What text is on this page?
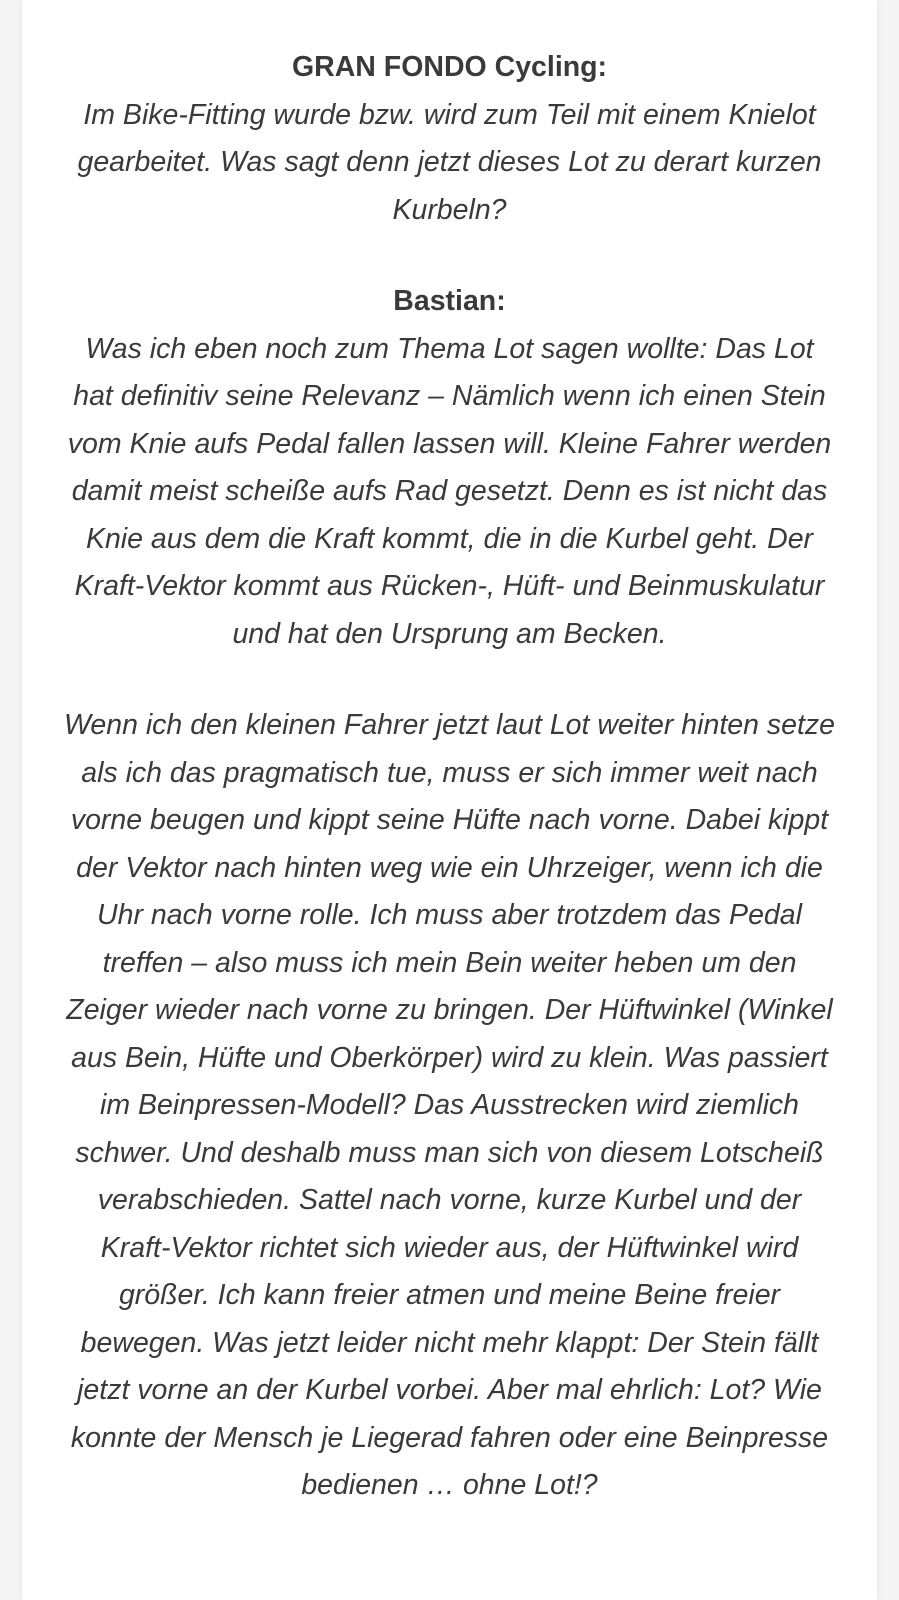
GRAN FONDO Cycling:

Im Bike-Fitting wurde bzw. wird zum Teil mit einem Knielot gearbeitet. Was sagt denn jetzt dieses Lot zu derart kurzen Kurbeln?

Bastian:

Was ich eben noch zum Thema Lot sagen wollte: Das Lot hat definitiv seine Relevanz – Nämlich wenn ich einen Stein vom Knie aufs Pedal fallen lassen will. Kleine Fahrer werden damit meist scheiße aufs Rad gesetzt. Denn es ist nicht das Knie aus dem die Kraft kommt, die in die Kurbel geht. Der Kraft-Vektor kommt aus Rücken-, Hüft- und Beinmuskulatur und hat den Ursprung am Becken.

Wenn ich den kleinen Fahrer jetzt laut Lot weiter hinten setze als ich das pragmatisch tue, muss er sich immer weit nach vorne beugen und kippt seine Hüfte nach vorne. Dabei kippt der Vektor nach hinten weg wie ein Uhrzeiger, wenn ich die Uhr nach vorne rolle. Ich muss aber trotzdem das Pedal treffen – also muss ich mein Bein weiter heben um den Zeiger wieder nach vorne zu bringen. Der Hüftwinkel (Winkel aus Bein, Hüfte und Oberkörper) wird zu klein. Was passiert im Beinpressen-Modell? Das Ausstrecken wird ziemlich schwer. Und deshalb muss man sich von diesem Lotscheiß verabschieden. Sattel nach vorne, kurze Kurbel und der Kraft-Vektor richtet sich wieder aus, der Hüftwinkel wird größer. Ich kann freier atmen und meine Beine freier bewegen. Was jetzt leider nicht mehr klappt: Der Stein fällt jetzt vorne an der Kurbel vorbei. Aber mal ehrlich: Lot? Wie konnte der Mensch je Liegerad fahren oder eine Beinpresse bedienen … ohne Lot!?
